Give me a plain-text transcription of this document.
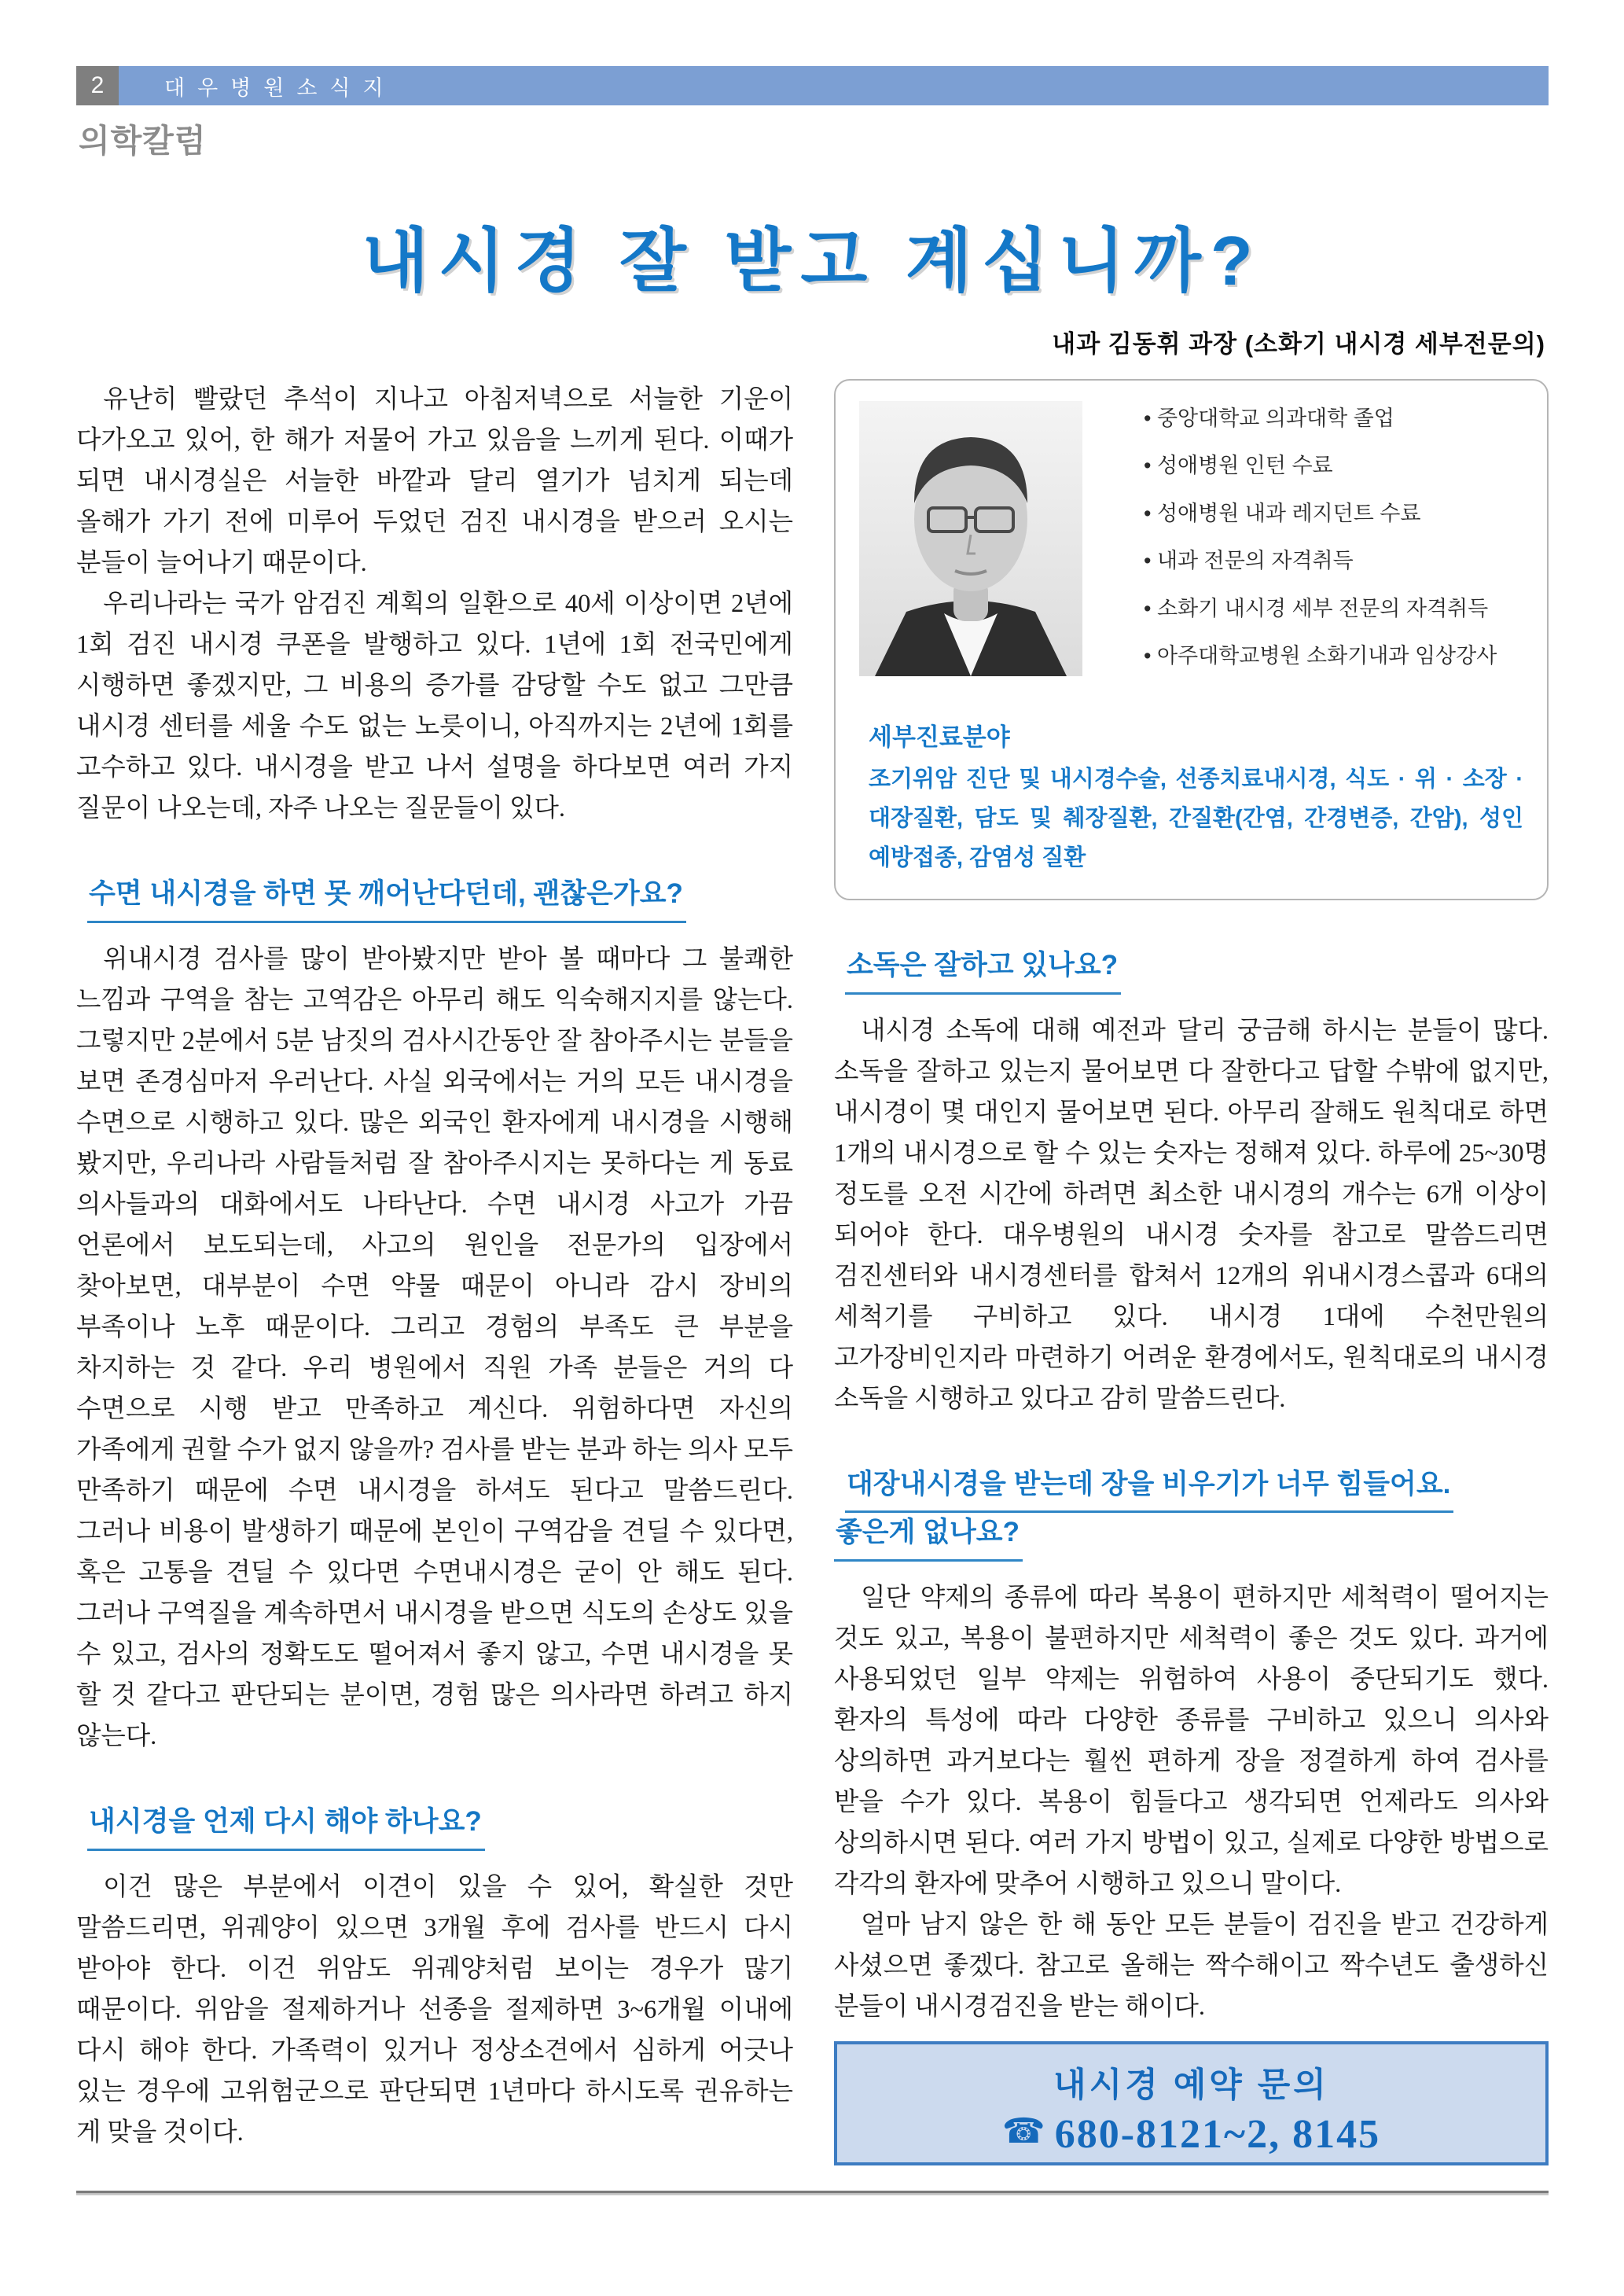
2	대우병원소식지
의학칼럼
내시경 잘 받고 계십니까?
내과 김동휘 과장 (소화기 내시경 세부전문의)

유난히 빨랐던 추석이 지나고 아침저녁으로 서늘한 기운이 다가오고 있어, 한 해가 저물어 가고 있음을 느끼게 된다. 이때가 되면 내시경실은 서늘한 바깥과 달리 열기가 넘치게 되는데 올해가 가기 전에 미루어 두었던 검진 내시경을 받으러 오시는 분들이 늘어나기 때문이다.

우리나라는 국가 암검진 계획의 일환으로 40세 이상이면 2년에 1회 검진 내시경 쿠폰을 발행하고 있다. 1년에 1회 전국민에게 시행하면 좋겠지만, 그 비용의 증가를 감당할 수도 없고 그만큼 내시경 센터를 세울 수도 없는 노릇이니, 아직까지는 2년에 1회를 고수하고 있다. 내시경을 받고 나서 설명을 하다보면 여러 가지 질문이 나오는데, 자주 나오는 질문들이 있다.

수면 내시경을 하면 못 깨어난다던데, 괜찮은가요?

위내시경 검사를 많이 받아봤지만 받아 볼 때마다 그 불쾌한 느낌과 구역을 참는 고역감은 아무리 해도 익숙해지지를 않는다. 그렇지만 2분에서 5분 남짓의 검사시간동안 잘 참아주시는 분들을 보면 존경심마저 우러난다. 사실 외국에서는 거의 모든 내시경을 수면으로 시행하고 있다. 많은 외국인 환자에게 내시경을 시행해 봤지만, 우리나라 사람들처럼 잘 참아주시지는 못하다는 게 동료 의사들과의 대화에서도 나타난다. 수면 내시경 사고가 가끔 언론에서 보도되는데, 사고의 원인을 전문가의 입장에서 찾아보면, 대부분이 수면 약물 때문이 아니라 감시 장비의 부족이나 노후 때문이다. 그리고 경험의 부족도 큰 부분을 차지하는 것 같다. 우리 병원에서 직원 가족 분들은 거의 다 수면으로 시행 받고 만족하고 계신다. 위험하다면 자신의 가족에게 권할 수가 없지 않을까? 검사를 받는 분과 하는 의사 모두 만족하기 때문에 수면 내시경을 하셔도 된다고 말씀드린다. 그러나 비용이 발생하기 때문에 본인이 구역감을 견딜 수 있다면, 혹은 고통을 견딜 수 있다면 수면내시경은 굳이 안 해도 된다. 그러나 구역질을 계속하면서 내시경을 받으면 식도의 손상도 있을 수 있고, 검사의 정확도도 떨어져서 좋지 않고, 수면 내시경을 못 할 것 같다고 판단되는 분이면, 경험 많은 의사라면 하려고 하지 않는다.

내시경을 언제 다시 해야 하나요?

이건 많은 부분에서 이견이 있을 수 있어, 확실한 것만 말씀드리면, 위궤양이 있으면 3개월 후에 검사를 반드시 다시 받아야 한다. 이건 위암도 위궤양처럼 보이는 경우가 많기 때문이다. 위암을 절제하거나 선종을 절제하면 3~6개월 이내에 다시 해야 한다. 가족력이 있거나 정상소견에서 심하게 어긋나 있는 경우에 고위험군으로 판단되면 1년마다 하시도록 권유하는 게 맞을 것이다.

• 중앙대학교 의과대학 졸업
• 성애병원 인턴 수료
• 성애병원 내과 레지던트 수료
• 내과 전문의 자격취득
• 소화기 내시경 세부 전문의 자격취득
• 아주대학교병원 소화기내과 임상강사
세부진료분야
조기위암 진단 및 내시경수술, 선종치료내시경, 식도 · 위 · 소장 · 대장질환, 담도 및 췌장질환, 간질환(간염, 간경변증, 간암), 성인 예방접종, 감염성 질환
소독은 잘하고 있나요?

내시경 소독에 대해 예전과 달리 궁금해 하시는 분들이 많다. 소독을 잘하고 있는지 물어보면 다 잘한다고 답할 수밖에 없지만, 내시경이 몇 대인지 물어보면 된다. 아무리 잘해도 원칙대로 하면 1개의 내시경으로 할 수 있는 숫자는 정해져 있다. 하루에 25~30명 정도를 오전 시간에 하려면 최소한 내시경의 개수는 6개 이상이 되어야 한다. 대우병원의 내시경 숫자를 참고로 말씀드리면 검진센터와 내시경센터를 합쳐서 12개의 위내시경스콥과 6대의 세척기를 구비하고 있다. 내시경 1대에 수천만원의 고가장비인지라 마련하기 어려운 환경에서도, 원칙대로의 내시경 소독을 시행하고 있다고 감히 말씀드린다.

대장내시경을 받는데 장을 비우기가 너무 힘들어요.
좋은게 없나요?

일단 약제의 종류에 따라 복용이 편하지만 세척력이 떨어지는 것도 있고, 복용이 불편하지만 세척력이 좋은 것도 있다. 과거에 사용되었던 일부 약제는 위험하여 사용이 중단되기도 했다. 환자의 특성에 따라 다양한 종류를 구비하고 있으니 의사와 상의하면 과거보다는 훨씬 편하게 장을 정결하게 하여 검사를 받을 수가 있다. 복용이 힘들다고 생각되면 언제라도 의사와 상의하시면 된다. 여러 가지 방법이 있고, 실제로 다양한 방법으로 각각의 환자에 맞추어 시행하고 있으니 말이다.

얼마 남지 않은 한 해 동안 모든 분들이 검진을 받고 건강하게 사셨으면 좋겠다. 참고로 올해는 짝수해이고 짝수년도 출생하신 분들이 내시경검진을 받는 해이다.

내시경 예약 문의
☎ 680-8121~2, 8145
